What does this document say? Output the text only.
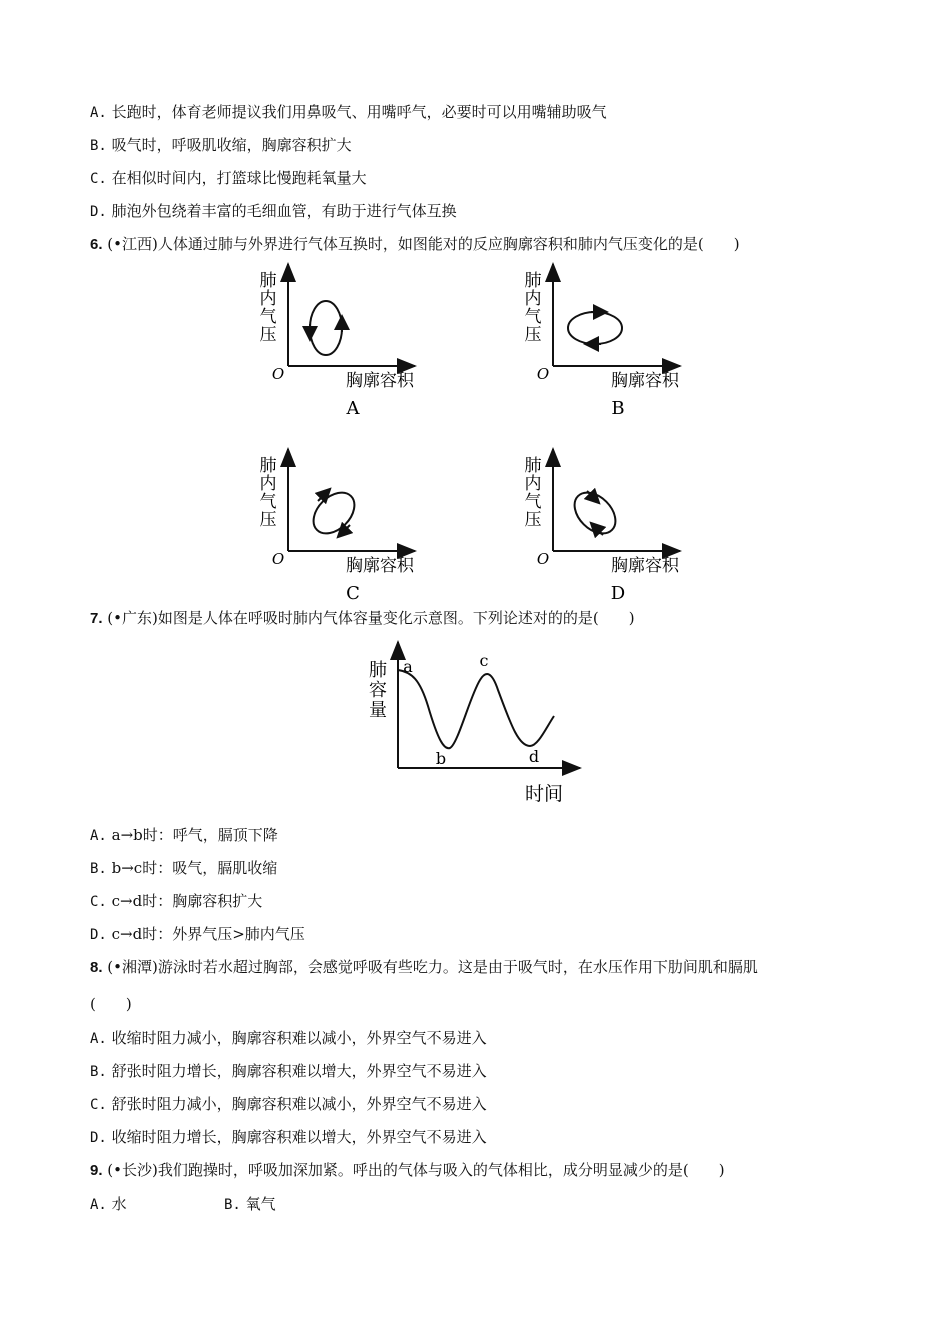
A. 长跑时，体育老师提议我们用鼻吸气、用嘴呼气，必要时可以用嘴辅助吸气
B. 吸气时，呼吸肌收缩，胸廓容积扩大
C. 在相似时间内，打篮球比慢跑耗氧量大
D. 肺泡外包绕着丰富的毛细血管，有助于进行气体互换
6. (•江西)人体通过肺与外界进行气体互换时，如图能对的反应胸廓容积和肺内气压变化的是(　　)
肺
内
气
压
O	胸廓容积
A
肺
内
气
压
O	胸廓容积
B
肺
内
气
压
O	胸廓容积
C
肺
内
气
压
O	胸廓容积
D
7. (•广东)如图是人体在呼吸时肺内气体容量变化示意图。下列论述对的的是(　　)
肺
容
量
时间
a
b
c
d
A. a→b时：呼气，膈顶下降
B. b→c时：吸气，膈肌收缩
C. c→d时：胸廓容积扩大
D. c→d时：外界气压>肺内气压
8. (•湘潭)游泳时若水超过胸部，会感觉呼吸有些吃力。这是由于吸气时，在水压作用下肋间肌和膈肌
(　　)
A. 收缩时阻力减小，胸廓容积难以减小，外界空气不易进入
B. 舒张时阻力增长，胸廓容积难以增大，外界空气不易进入
C. 舒张时阻力减小，胸廓容积难以减小，外界空气不易进入
D. 收缩时阻力增长，胸廓容积难以增大，外界空气不易进入
9. (•长沙)我们跑操时，呼吸加深加紧。呼出的气体与吸入的气体相比，成分明显减少的是(　　)
A. 水	B. 氧气
